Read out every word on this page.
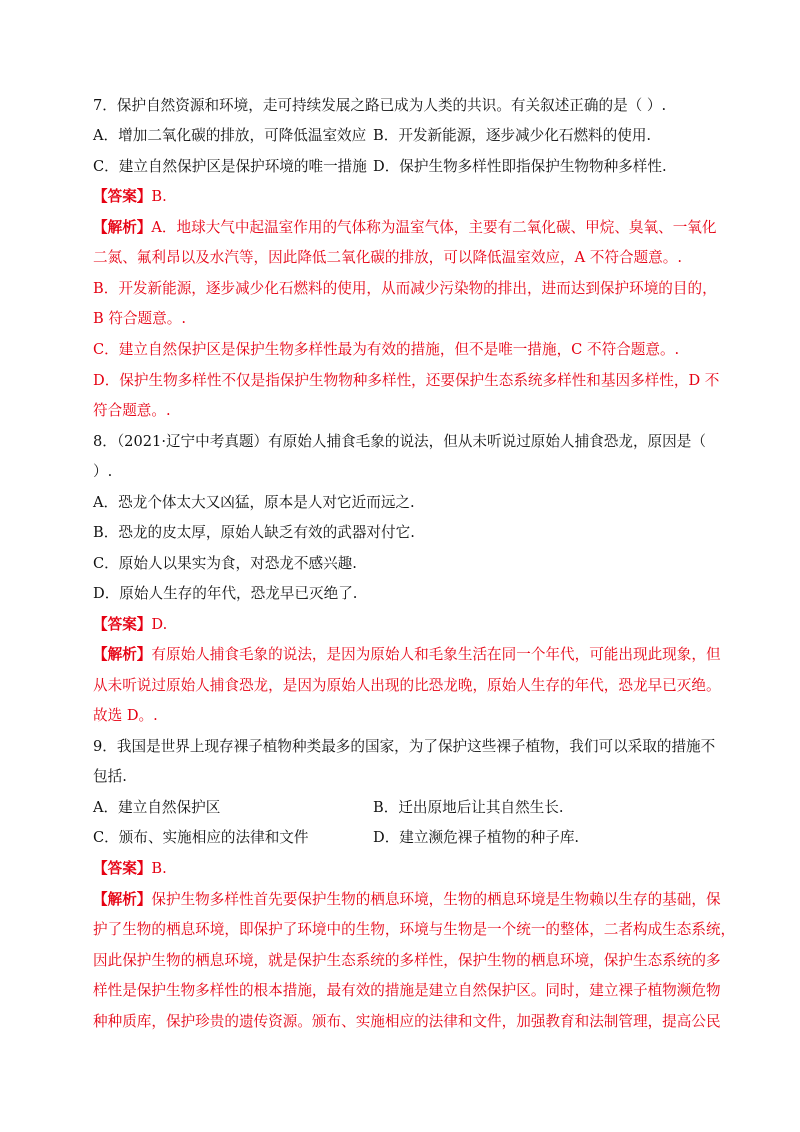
7．保护自然资源和环境，走可持续发展之路已成为人类的共识。有关叙述正确的是（ ）.
A．增加二氧化碳的排放，可降低温室效应 B．开发新能源，逐步减少化石燃料的使用.
C．建立自然保护区是保护环境的唯一措施 D．保护生物多样性即指保护生物物种多样性.
【答案】B.
【解析】A．地球大气中起温室作用的气体称为温室气体，主要有二氧化碳、甲烷、臭氧、一氧化
二氮、氟利昂以及水汽等，因此降低二氧化碳的排放，可以降低温室效应，A 不符合题意。.
B．开发新能源，逐步减少化石燃料的使用，从而减少污染物的排出，进而达到保护环境的目的，
B 符合题意。.
C．建立自然保护区是保护生物多样性最为有效的措施，但不是唯一措施，C 不符合题意。.
D．保护生物多样性不仅是指保护生物物种多样性，还要保护生态系统多样性和基因多样性，D 不
符合题意。.
8．（2021·辽宁中考真题）有原始人捕食毛象的说法，但从未听说过原始人捕食恐龙，原因是（
）.
A．恐龙个体太大又凶猛，原本是人对它近而远之.
B．恐龙的皮太厚，原始人缺乏有效的武器对付它.
C．原始人以果实为食，对恐龙不感兴趣.
D．原始人生存的年代，恐龙早已灭绝了.
【答案】D.
【解析】有原始人捕食毛象的说法，是因为原始人和毛象生活在同一个年代，可能出现此现象，但
从未听说过原始人捕食恐龙，是因为原始人出现的比恐龙晚，原始人生存的年代，恐龙早已灭绝。
故选 D。.
9．我国是世界上现存裸子植物种类最多的国家，为了保护这些裸子植物，我们可以采取的措施不
包括.
A．建立自然保护区	B．迁出原地后让其自然生长.
C．颁布、实施相应的法律和文件	D．建立濒危裸子植物的种子库.
【答案】B.
【解析】保护生物多样性首先要保护生物的栖息环境，生物的栖息环境是生物赖以生存的基础，保
护了生物的栖息环境，即保护了环境中的生物，环境与生物是一个统一的整体，二者构成生态系统，
因此保护生物的栖息环境，就是保护生态系统的多样性，保护生物的栖息环境，保护生态系统的多
样性是保护生物多样性的根本措施，最有效的措施是建立自然保护区。同时，建立裸子植物濒危物
种种质库，保护珍贵的遗传资源。颁布、实施相应的法律和文件，加强教育和法制管理，提高公民
